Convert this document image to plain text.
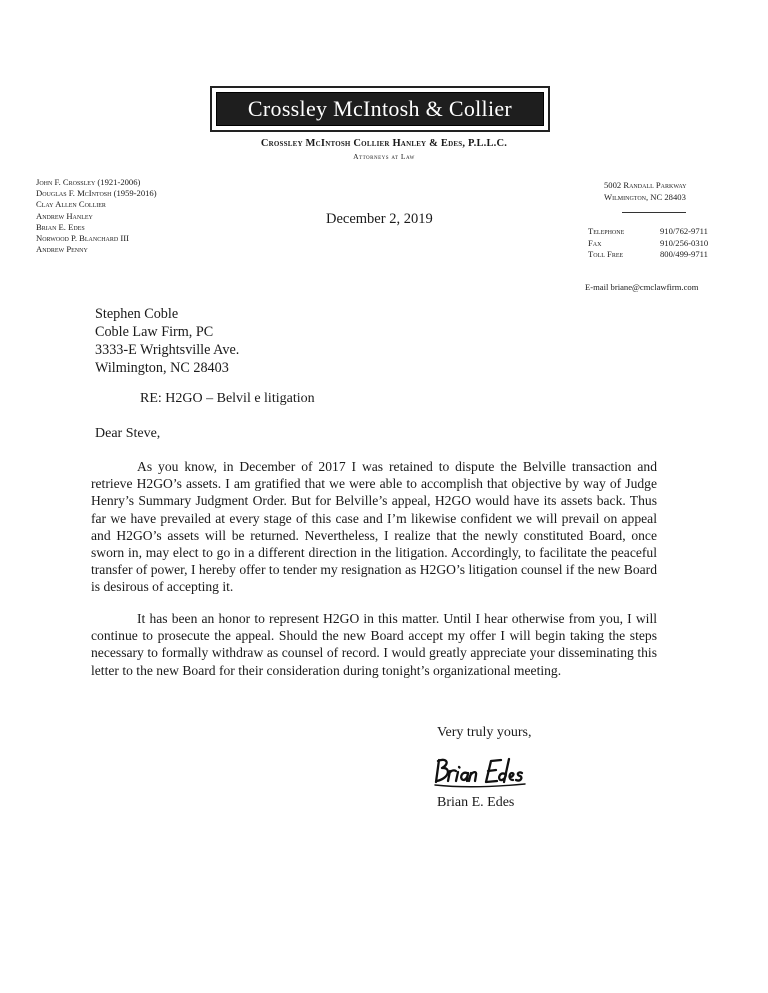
Crossley McIntosh & Collier
Crossley McIntosh Collier Hanley & Edes, P.L.L.C.
Attorneys at Law
John F. Crossley (1921-2006)
Douglas F. McIntosh (1959-2016)
Clay Allen Collier
Andrew Hanley
Brian E. Edes
Norwood P. Blanchard III
Andrew Penny
December 2, 2019
5002 Randall Parkway
Wilmington, NC 28403
Telephone	910/762-9711
Fax	910/256-0310
Toll Free	800/499-9711
E-mail briane@cmclawfirm.com
Stephen Coble
Coble Law Firm, PC
3333-E Wrightsville Ave.
Wilmington, NC 28403
RE: H2GO – Belvil e litigation
Dear Steve,

As you know, in December of 2017 I was retained to dispute the Belville transaction and retrieve H2GO’s assets. I am gratified that we were able to accomplish that objective by way of Judge Henry’s Summary Judgment Order. But for Belville’s appeal, H2GO would have its assets back. Thus far we have prevailed at every stage of this case and I’m likewise confident we will prevail on appeal and H2GO’s assets will be returned. Nevertheless, I realize that the newly constituted Board, once sworn in, may elect to go in a different direction in the litigation. Accordingly, to facilitate the peaceful transfer of power, I hereby offer to tender my resignation as H2GO’s litigation counsel if the new Board is desirous of accepting it.

It has been an honor to represent H2GO in this matter. Until I hear otherwise from you, I will continue to prosecute the appeal. Should the new Board accept my offer I will begin taking the steps necessary to formally withdraw as counsel of record. I would greatly appreciate your disseminating this letter to the new Board for their consideration during tonight’s organizational meeting.

Very truly yours,
Brian E. Edes
